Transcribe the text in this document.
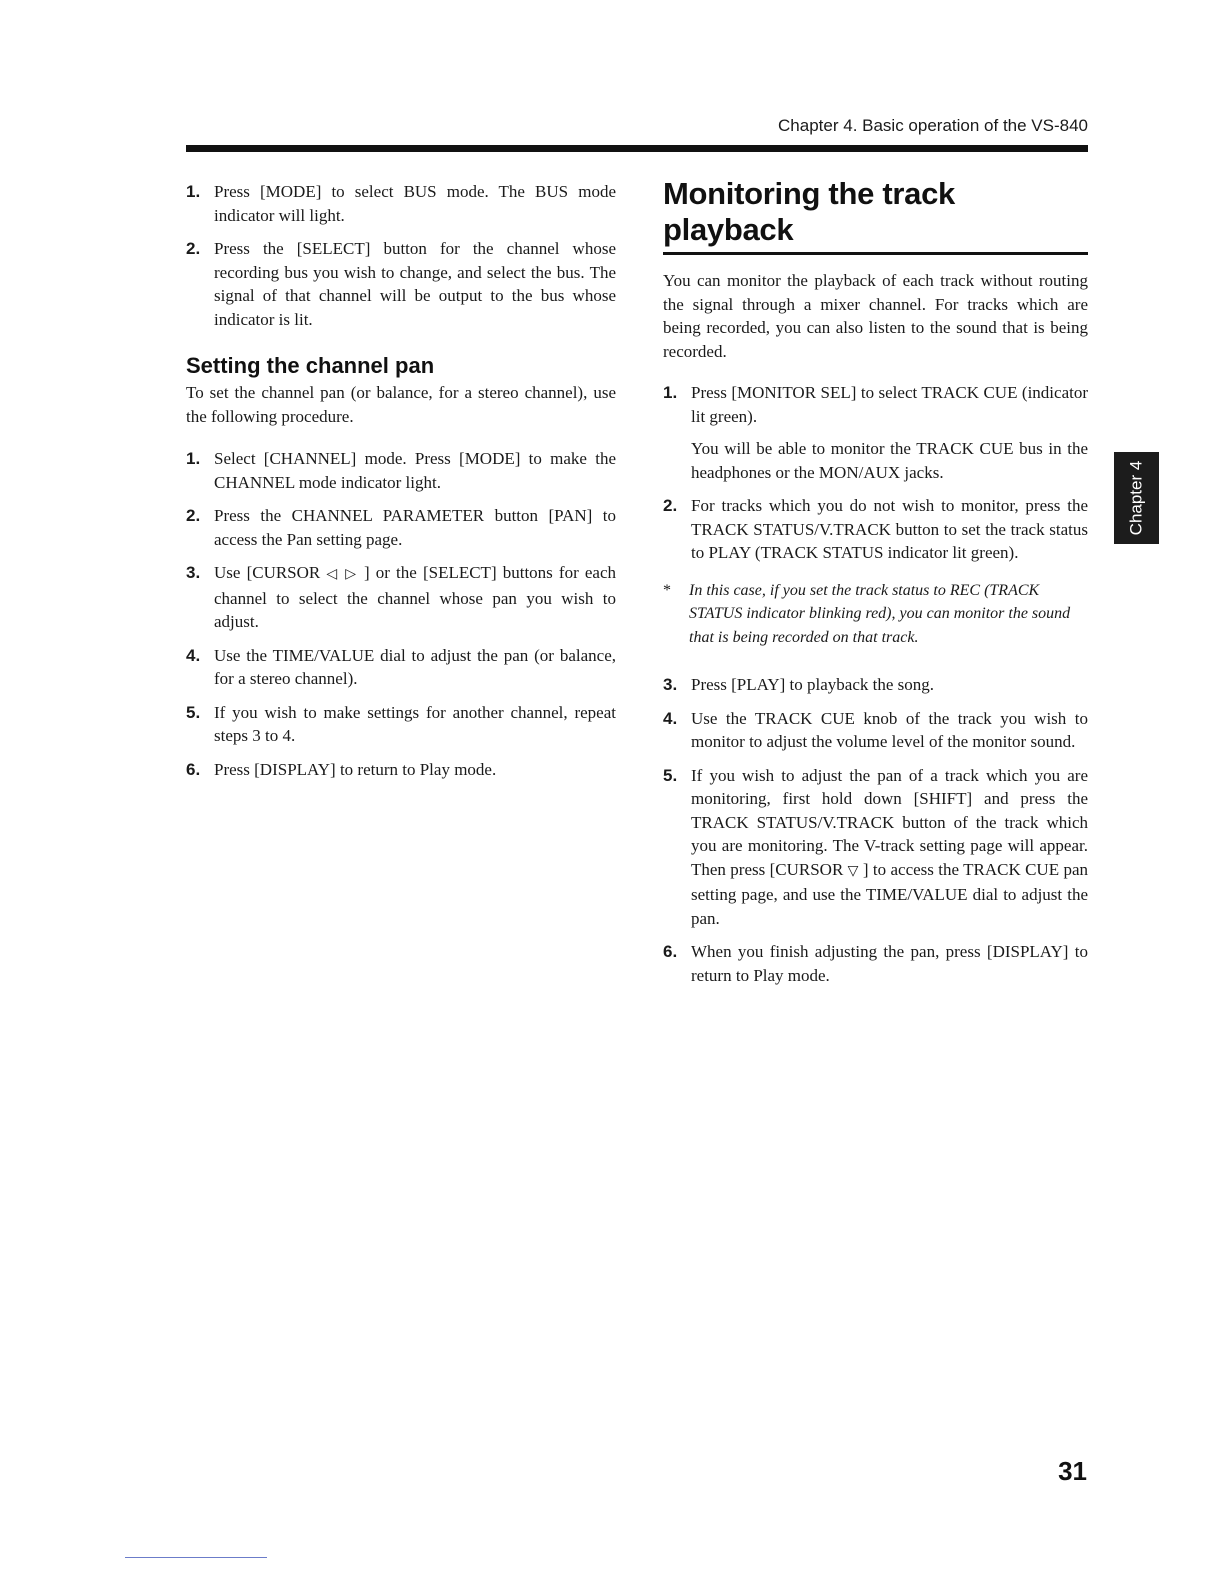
Chapter 4. Basic operation of the VS-840
1. Press [MODE] to select BUS mode. The BUS mode indicator will light.

2. Press the [SELECT] button for the channel whose recording bus you wish to change, and select the bus. The signal of that channel will be output to the bus whose indicator is lit.

Setting the channel pan

To set the channel pan (or balance, for a stereo channel), use the following procedure.

1. Select [CHANNEL] mode. Press [MODE] to make the CHANNEL mode indicator light.

2. Press the CHANNEL PARAMETER button [PAN] to access the Pan setting page.

3. Use [CURSOR ◁ ▷ ] or the [SELECT] buttons for each channel to select the channel whose pan you wish to adjust.

4. Use the TIME/VALUE dial to adjust the pan (or balance, for a stereo channel).

5. If you wish to make settings for another channel, repeat steps 3 to 4.

6. Press [DISPLAY] to return to Play mode.

Monitoring the track playback

You can monitor the playback of each track without routing the signal through a mixer channel. For tracks which are being recorded, you can also listen to the sound that is being recorded.

1. Press [MONITOR SEL] to select TRACK CUE (indicator lit green).

You will be able to monitor the TRACK CUE bus in the headphones or the MON/AUX jacks.

2. For tracks which you do not wish to monitor, press the TRACK STATUS/V.TRACK button to set the track status to PLAY (TRACK STATUS indicator lit green).

* In this case, if you set the track status to REC (TRACK STATUS indicator blinking red), you can monitor the sound that is being recorded on that track.
3. Press [PLAY] to playback the song.

4. Use the TRACK CUE knob of the track you wish to monitor to adjust the volume level of the monitor sound.

5. If you wish to adjust the pan of a track which you are monitoring, first hold down [SHIFT] and press the TRACK STATUS/V.TRACK button of the track which you are monitoring. The V-track setting page will appear. Then press [CURSOR ▽ ] to access the TRACK CUE pan setting page, and use the TIME/VALUE dial to adjust the pan.

6. When you finish adjusting the pan, press [DISPLAY] to return to Play mode.

Chapter 4
31
